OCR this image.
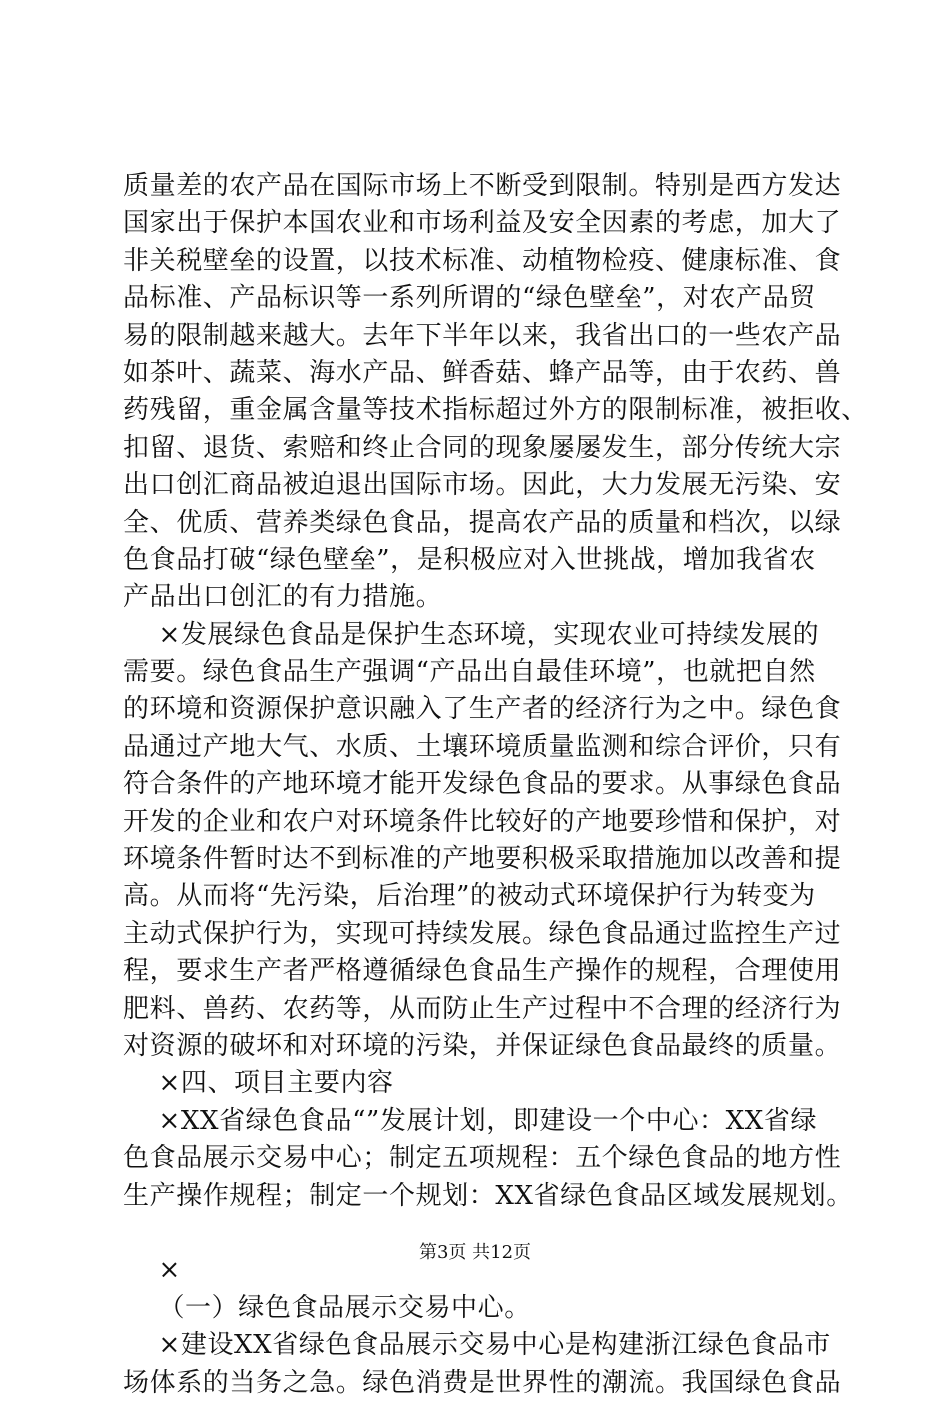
质量差的农产品在国际市场上不断受到限制。特别是西方发达
国家出于保护本国农业和市场利益及安全因素的考虑，加大了
非关税壁垒的设置，以技术标准、动植物检疫、健康标准、食
品标准、产品标识等一系列所谓的“绿色壁垒”，对农产品贸
易的限制越来越大。去年下半年以来，我省出口的一些农产品
如茶叶、蔬菜、海水产品、鲜香菇、蜂产品等，由于农药、兽
药残留，重金属含量等技术指标超过外方的限制标准，被拒收、
扣留、退货、索赔和终止合同的现象屡屡发生，部分传统大宗
出口创汇商品被迫退出国际市场。因此，大力发展无污染、安
全、优质、营养类绿色食品，提高农产品的质量和档次，以绿
色食品打破“绿色壁垒”，是积极应对入世挑战，增加我省农
产品出口创汇的有力措施。
×发展绿色食品是保护生态环境，实现农业可持续发展的
需要。绿色食品生产强调“产品出自最佳环境”，也就把自然
的环境和资源保护意识融入了生产者的经济行为之中。绿色食
品通过产地大气、水质、土壤环境质量监测和综合评价，只有
符合条件的产地环境才能开发绿色食品的要求。从事绿色食品
开发的企业和农户对环境条件比较好的产地要珍惜和保护，对
环境条件暂时达不到标准的产地要积极采取措施加以改善和提
高。从而将“先污染，后治理”的被动式环境保护行为转变为
主动式保护行为，实现可持续发展。绿色食品通过监控生产过
程，要求生产者严格遵循绿色食品生产操作的规程，合理使用
肥料、兽药、农药等，从而防止生产过程中不合理的经济行为
对资源的破坏和对环境的污染，并保证绿色食品最终的质量。
×四、项目主要内容
×XX省绿色食品“”发展计划，即建设一个中心：XX省绿
色食品展示交易中心；制定五项规程：五个绿色食品的地方性
生产操作规程；制定一个规划：XX省绿色食品区域发展规划。
×
（一）绿色食品展示交易中心。
×建设XX省绿色食品展示交易中心是构建浙江绿色食品市
场体系的当务之急。绿色消费是世界性的潮流。我国绿色食品
第3页 共12页
